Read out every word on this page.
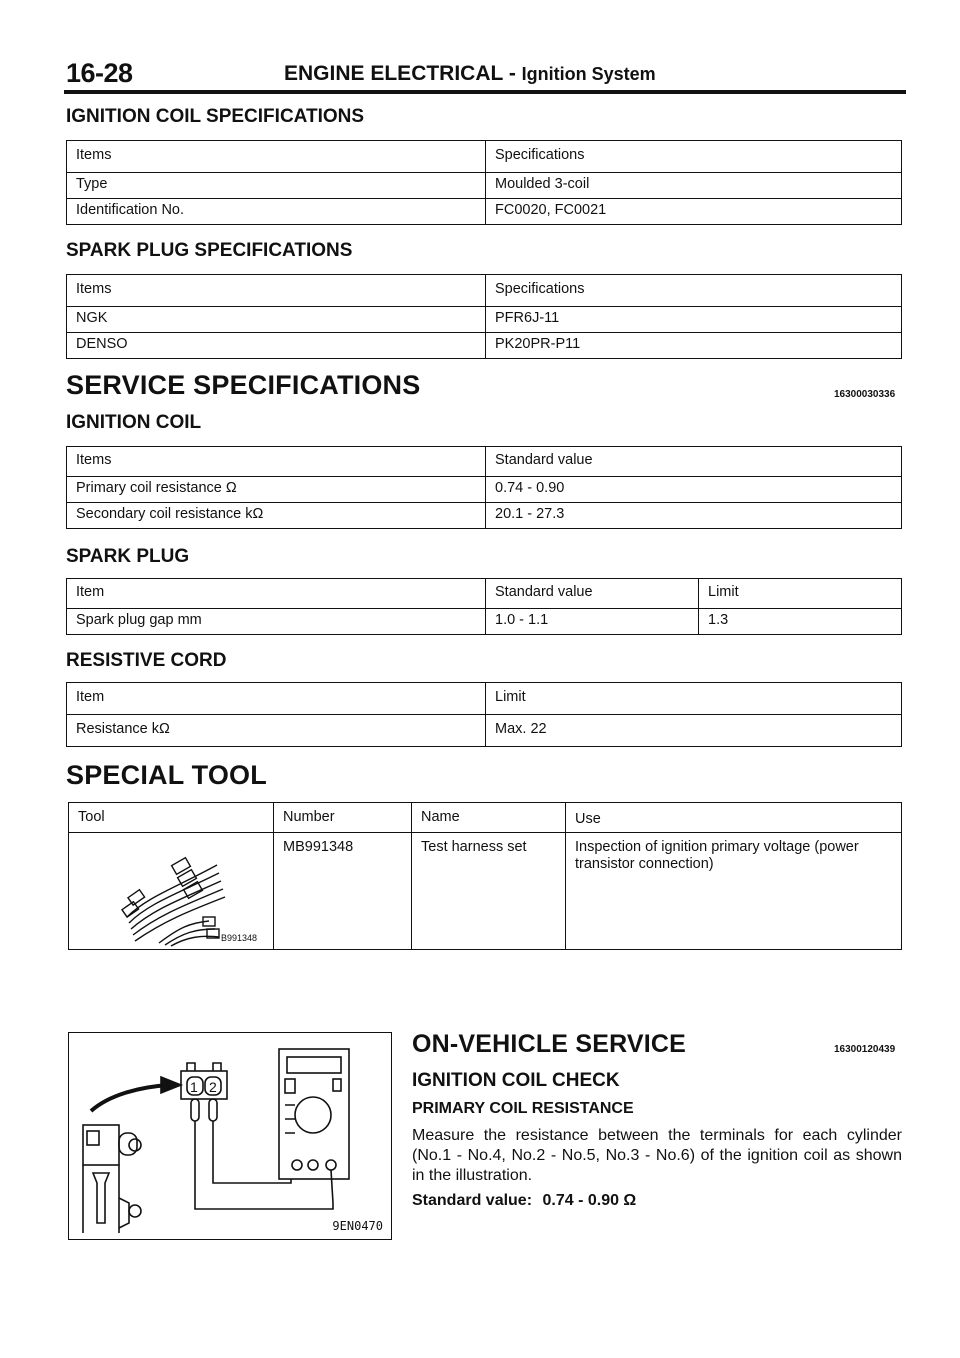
16-28	ENGINE ELECTRICAL - Ignition System
IGNITION COIL SPECIFICATIONS
Items	Specifications
Type	Moulded 3-coil
Identification No.	FC0020, FC0021
SPARK PLUG SPECIFICATIONS
Items	Specifications
NGK	PFR6J-11
DENSO	PK20PR-P11
SERVICE SPECIFICATIONS	16300030336
IGNITION COIL
Items	Standard value
Primary coil resistance Ω	0.74 - 0.90
Secondary coil resistance kΩ	20.1 - 27.3
SPARK PLUG
Item	Standard value	Limit
Spark plug gap mm	1.0 - 1.1	1.3
RESISTIVE CORD
Item	Limit
Resistance kΩ	Max. 22
SPECIAL TOOL
Tool	Number	Name	Use

B991348	MB991348	Test harness set	Inspection of ignition primary voltage (power transistor connection)
1 2
9EN0470
ON-VEHICLE SERVICE	16300120439
IGNITION COIL CHECK
PRIMARY COIL RESISTANCE
Measure the resistance between the terminals for each cylinder (No.1 - No.4, No.2 - No.5, No.3 - No.6) of the ignition coil as shown in the illustration.
Standard value: 0.74 - 0.90 Ω
